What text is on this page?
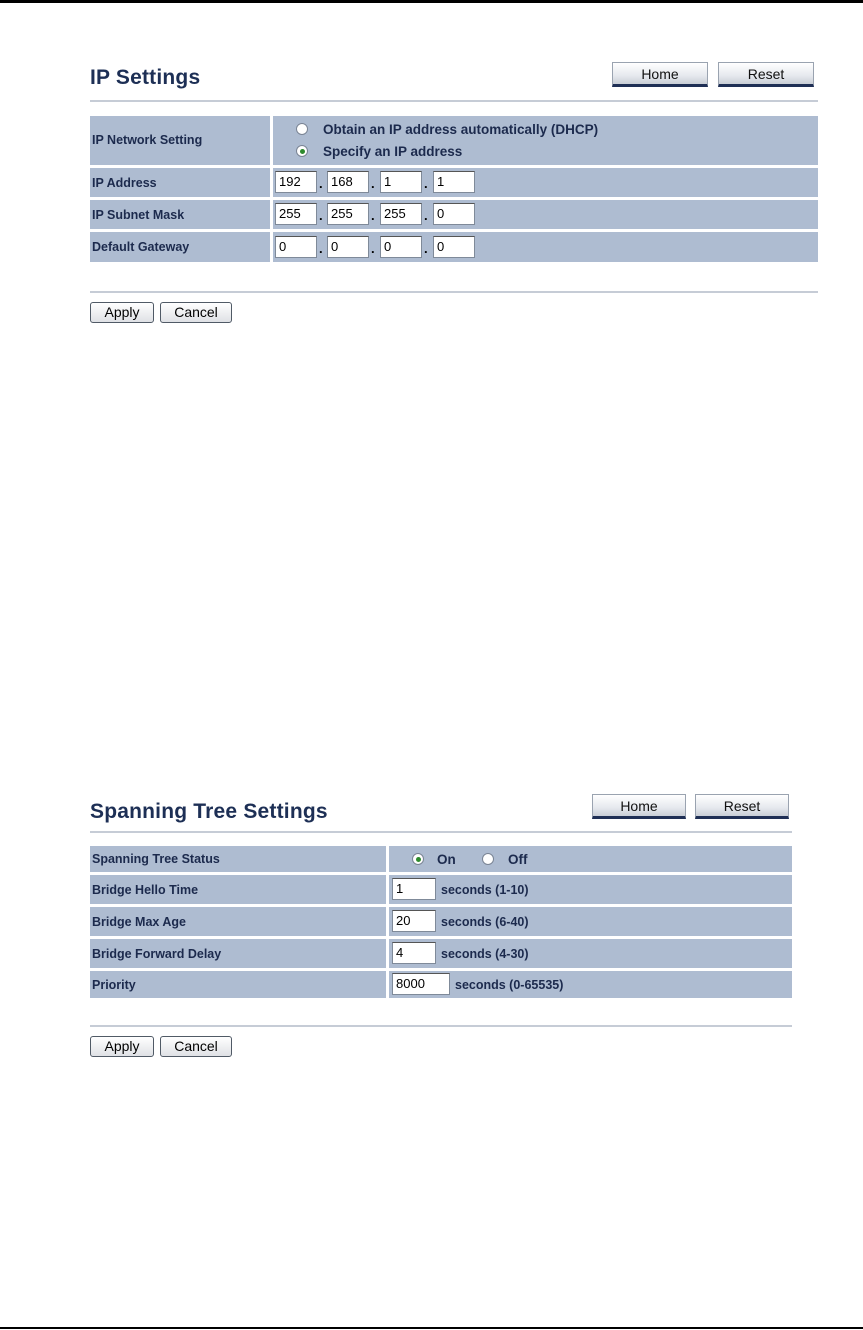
IP Settings	Home	Reset
IP Network Setting
Obtain an IP address automatically (DHCP)
Specify an IP address
IP Address	192	. 168	. 1	. 1
IP Subnet Mask	255	. 255	. 255	. 0
Default Gateway	0	. 0	. 0	. 0
Apply	Cancel
Spanning Tree Settings	Home	Reset
Spanning Tree Status	On	Off
Bridge Hello Time	1	seconds (1-10)
Bridge Max Age	20	seconds (6-40)
Bridge Forward Delay	4	seconds (4-30)
Priority	8000	seconds (0-65535)
Apply	Cancel
